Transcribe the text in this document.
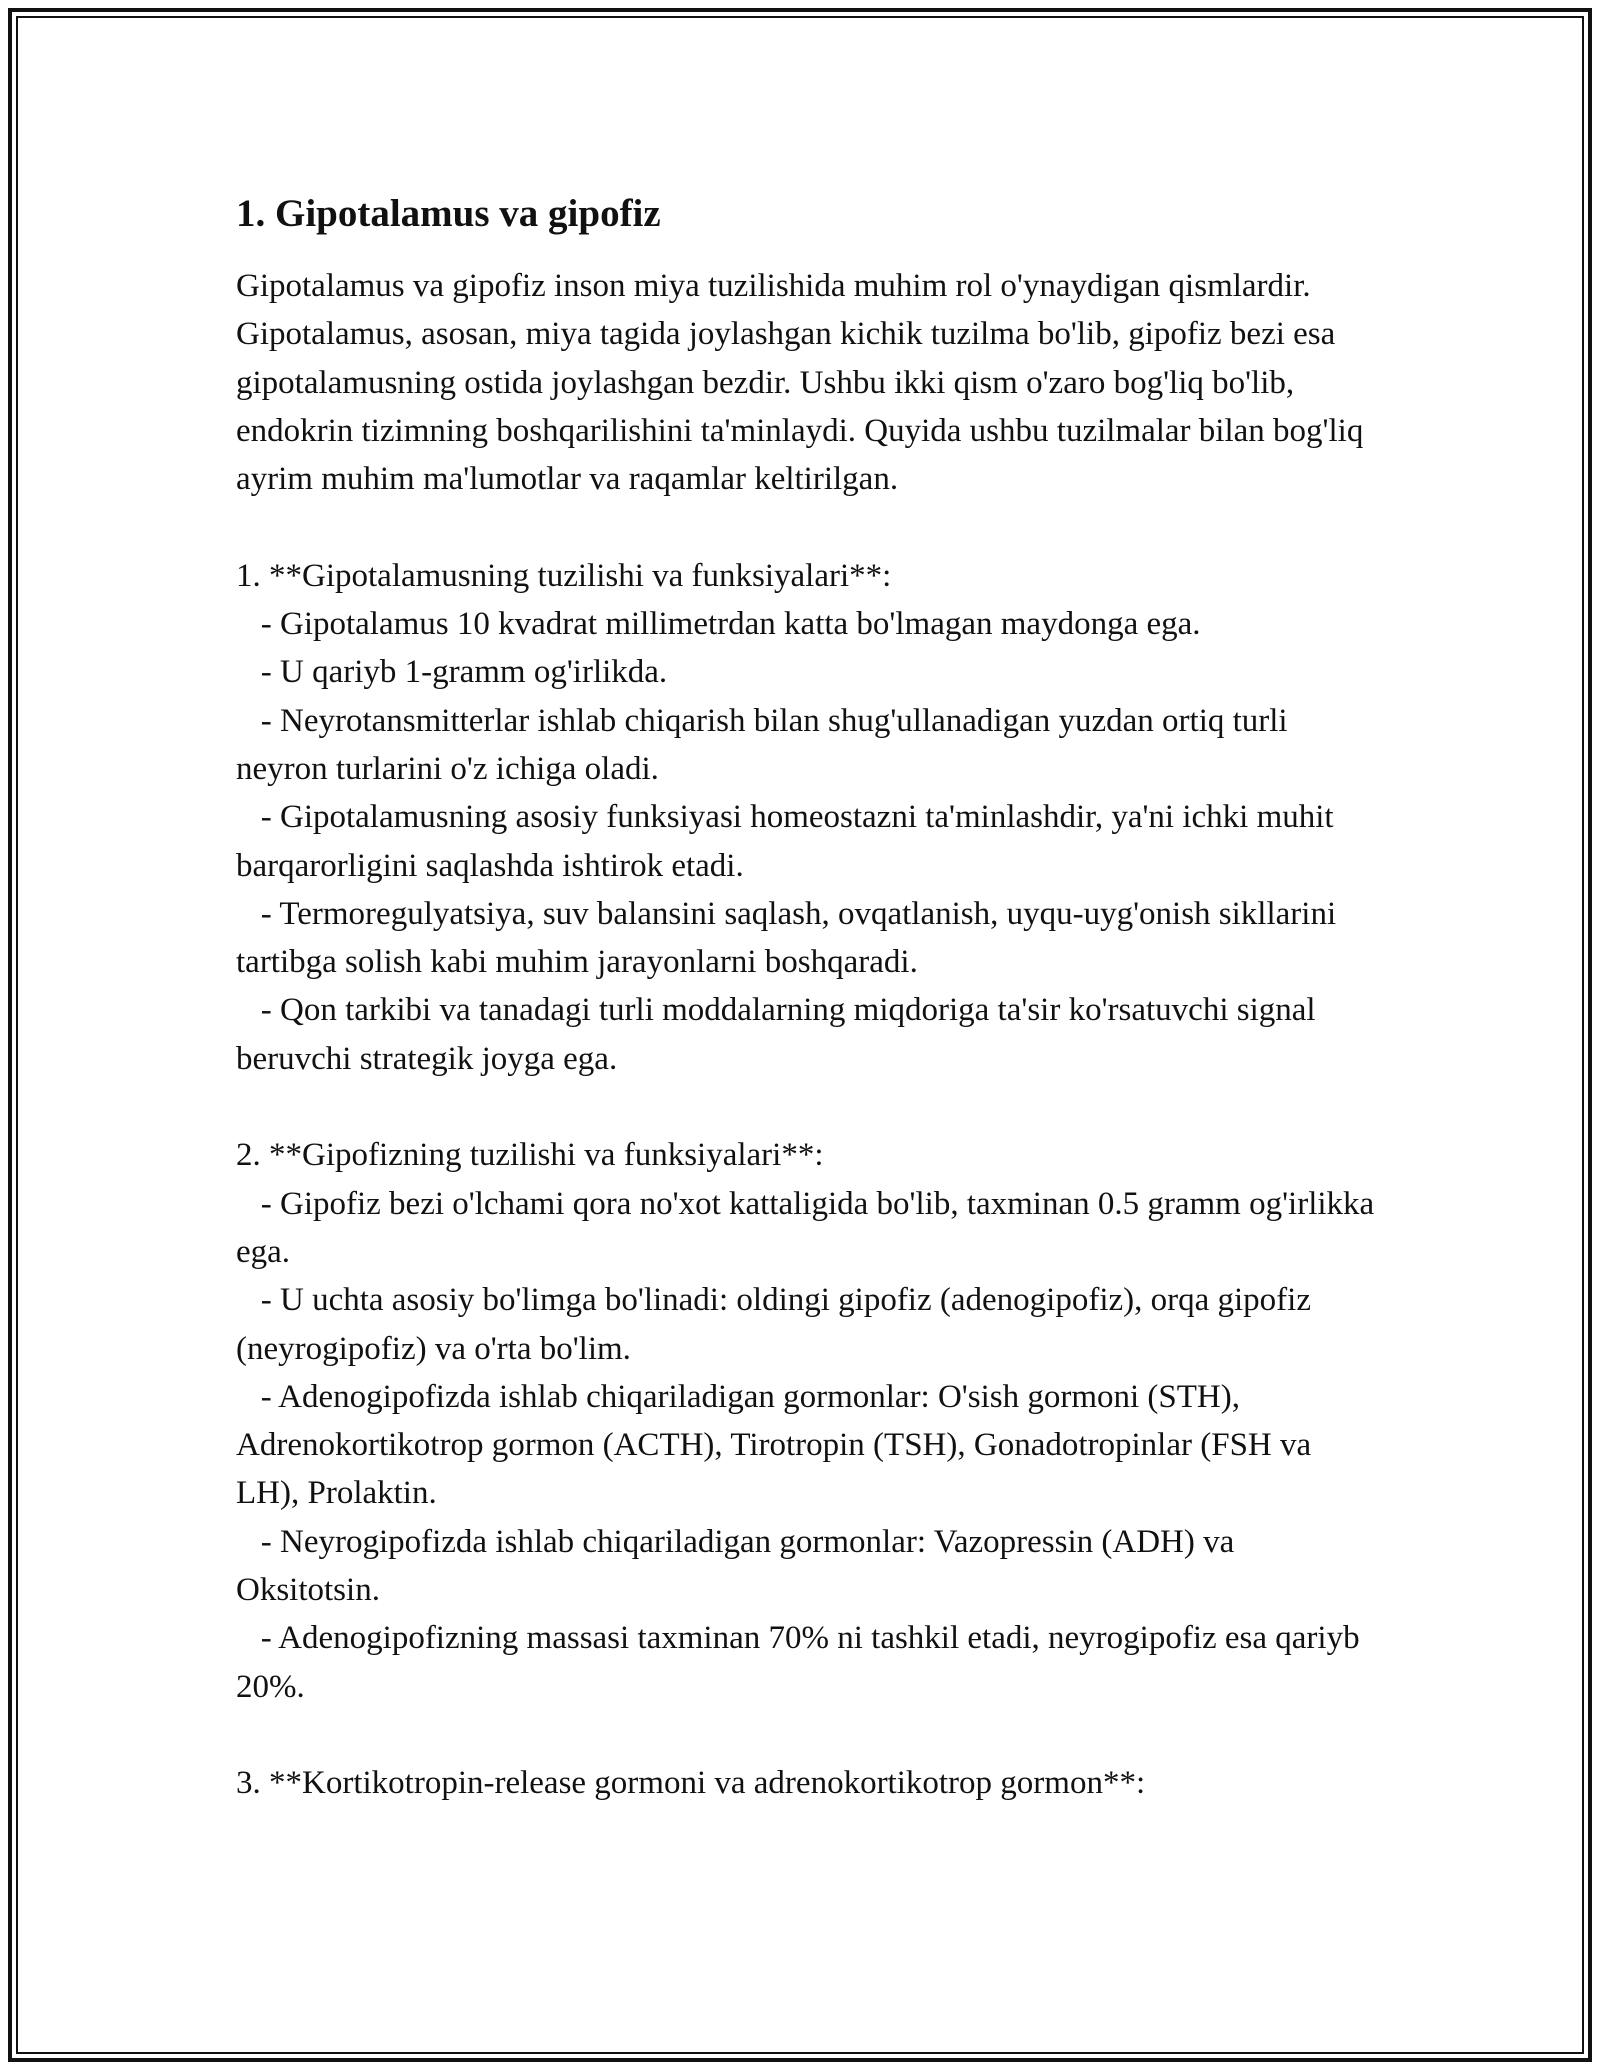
1. Gipotalamus va gipofiz

Gipotalamus va gipofiz inson miya tuzilishida muhim rol o'ynaydigan qismlardir. Gipotalamus, asosan, miya tagida joylashgan kichik tuzilma bo'lib, gipofiz bezi esa gipotalamusning ostida joylashgan bezdir. Ushbu ikki qism o'zaro bog'liq bo'lib, endokrin tizimning boshqarilishini ta'minlaydi. Quyida ushbu tuzilmalar bilan bog'liq ayrim muhim ma'lumotlar va raqamlar keltirilgan.

1. **Gipotalamusning tuzilishi va funksiyalari**:

- Gipotalamus 10 kvadrat millimetrdan katta bo'lmagan maydonga ega.

- U qariyb 1-gramm og'irlikda.

- Neyrotansmitterlar ishlab chiqarish bilan shug'ullanadigan yuzdan ortiq turli neyron turlarini o'z ichiga oladi.

- Gipotalamusning asosiy funksiyasi homeostazni ta'minlashdir, ya'ni ichki muhit barqarorligini saqlashda ishtirok etadi.

- Termoregulyatsiya, suv balansini saqlash, ovqatlanish, uyqu-uyg'onish sikllarini tartibga solish kabi muhim jarayonlarni boshqaradi.

- Qon tarkibi va tanadagi turli moddalarning miqdoriga ta'sir ko'rsatuvchi signal beruvchi strategik joyga ega.

2. **Gipofizning tuzilishi va funksiyalari**:

- Gipofiz bezi o'lchami qora no'xot kattaligida bo'lib, taxminan 0.5 gramm og'irlikka ega.

- U uchta asosiy bo'limga bo'linadi: oldingi gipofiz (adenogipofiz), orqa gipofiz (neyrogipofiz) va o'rta bo'lim.

- Adenogipofizda ishlab chiqariladigan gormonlar: O'sish gormoni (STH), Adrenokortikotrop gormon (ACTH), Tirotropin (TSH), Gonadotropinlar (FSH va LH), Prolaktin.

- Neyrogipofizda ishlab chiqariladigan gormonlar: Vazopressin (ADH) va Oksitotsin.

- Adenogipofizning massasi taxminan 70% ni tashkil etadi, neyrogipofiz esa qariyb 20%.

3. **Kortikotropin-release gormoni va adrenokortikotrop gormon**:
